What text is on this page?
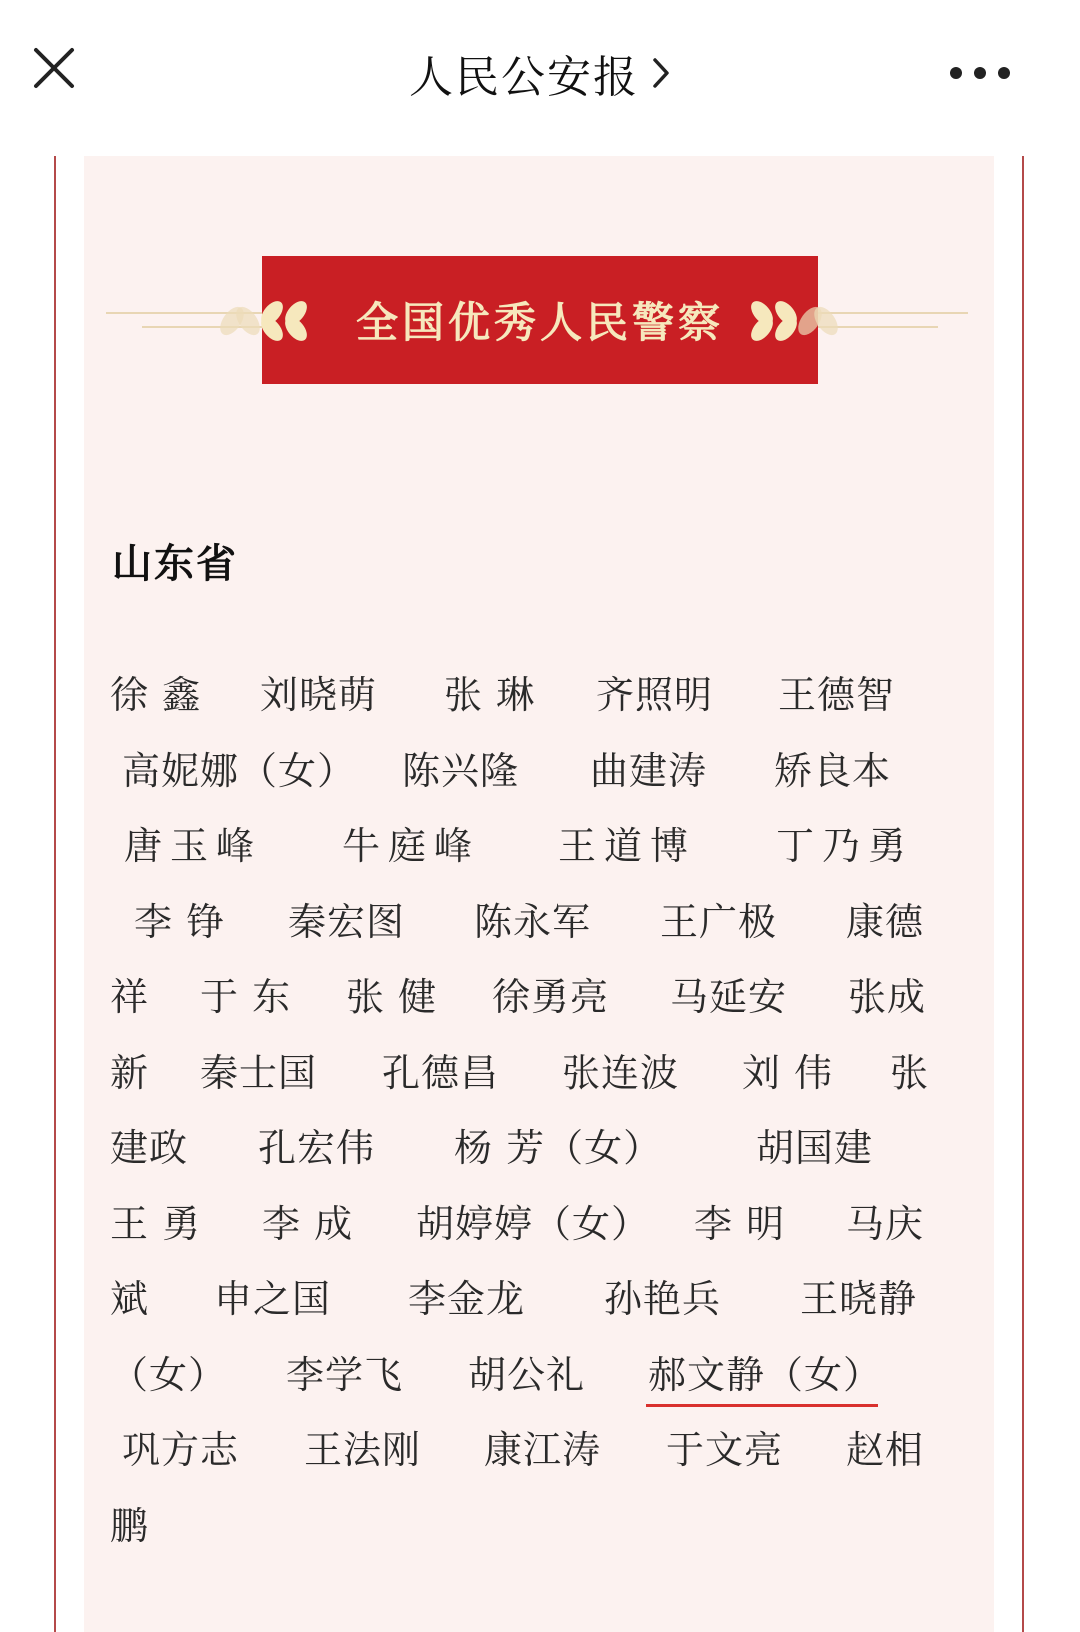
人民公安报
全国优秀人民警察
山东省
徐 鑫 刘晓萌 张 琳 齐照明 王德智
高妮娜（女） 陈兴隆 曲建涛 矫良本
唐玉峰 牛庭峰 王道博 丁乃勇
李 铮 秦宏图 陈永军 王广极 康德
祥 于 东 张 健 徐勇亮 马延安 张成
新 秦士国 孔德昌 张连波 刘 伟 张
建政 孔宏伟 杨 芳（女） 胡国建
王 勇 李 成 胡婷婷（女） 李 明 马庆
斌 申之国 李金龙 孙艳兵 王晓静
（女） 李学飞 胡公礼 郝文静（女）
巩方志 王法刚 康江涛 于文亮 赵相
鹏
